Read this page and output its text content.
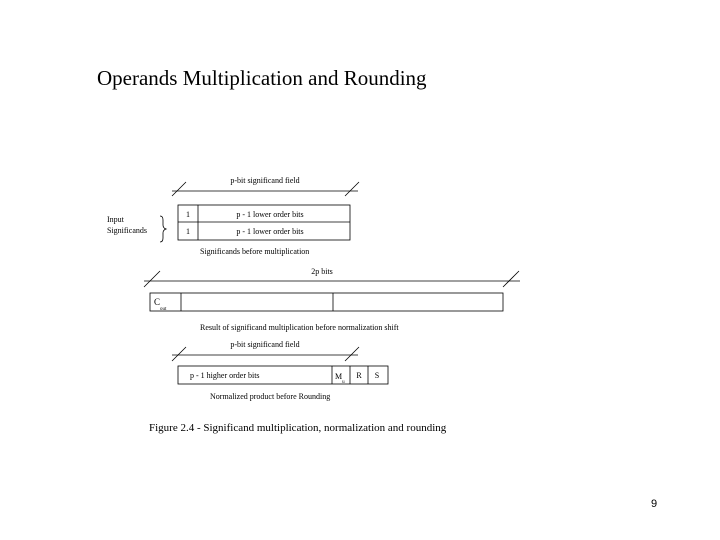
Operands Multiplication and Rounding
p-bit significand field
Input
Significands
1	p - 1 lower order bits
1	p - 1 lower order bits
Significands before multiplication
2p bits
$C_{out}$
Result of significand multiplication before normalization shift
p-bit significand field
p - 1 higher order bits	$M_u$
R S
Normalized product before Rounding
Figure 2.4 - Significand multiplication, normalization and rounding
9
